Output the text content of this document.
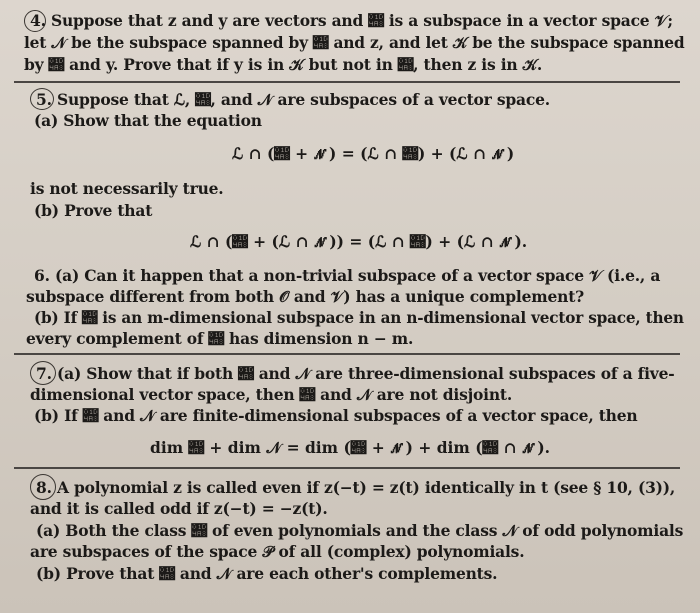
4. Suppose that z and y are vectors and 𝒨 is a subspace in a vector space 𝒱;
let 𝒩 be the subspace spanned by 𝒨 and z, and let 𝒦 be the subspace spanned
by 𝒨 and y. Prove that if y is in 𝒦 but not in 𝒨, then z is in 𝒦.
5. Suppose that ℒ, 𝒨, and 𝒩 are subspaces of a vector space.
(a) Show that the equation
ℒ ∩ (𝒨 + 𝒩) = (ℒ ∩ 𝒨) + (ℒ ∩ 𝒩)
is not necessarily true.
(b) Prove that
ℒ ∩ (𝒨 + (ℒ ∩ 𝒩)) = (ℒ ∩ 𝒨) + (ℒ ∩ 𝒩).
6. (a) Can it happen that a non-trivial subspace of a vector space 𝒱 (i.e., a
subspace different from both 𝒪 and 𝒱) has a unique complement?
(b) If 𝒨 is an m-dimensional subspace in an n-dimensional vector space, then
every complement of 𝒨 has dimension n − m.
7. (a) Show that if both 𝒨 and 𝒩 are three-dimensional subspaces of a five-
dimensional vector space, then 𝒨 and 𝒩 are not disjoint.
(b) If 𝒨 and 𝒩 are finite-dimensional subspaces of a vector space, then
dim 𝒨 + dim 𝒩 = dim (𝒨 + 𝒩) + dim (𝒨 ∩ 𝒩).
8. A polynomial z is called even if z(−t) = z(t) identically in t (see § 10, (3)),
and it is called odd if z(−t) = −z(t).
(a) Both the class 𝒨 of even polynomials and the class 𝒩 of odd polynomials
are subspaces of the space 𝒫 of all (complex) polynomials.
(b) Prove that 𝒨 and 𝒩 are each other's complements.
